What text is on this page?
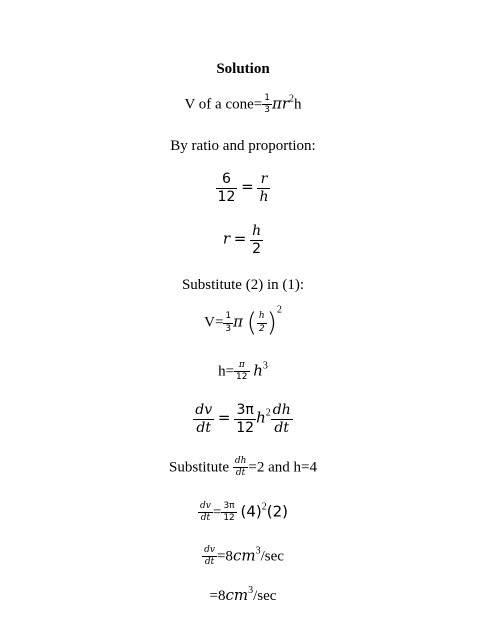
Solution
V of a cone= $\frac{1}{3} \pi r^2h$
By ratio and proportion:
$\frac{6}{12} = \frac{r}{h}$
$r = \frac{h}{2}$
Substitute (2) in (1):
$V= \frac{1}{3}$ π ( $\frac{h}{2} )^2$
$h= \frac{\pi}{12} h^3$
$\frac{dv}{dt} = \frac{3\pi}{12} h^2 \frac{dh}{dt}$
Substitute $\frac{dh}{dt} =2$ and h=4
$\frac{dv}{dt} = \frac{3\pi}{12} (4)^2(2)$
$\frac{dv}{dt} =8cm^3/\sec$
$=8cm^3/\sec$
